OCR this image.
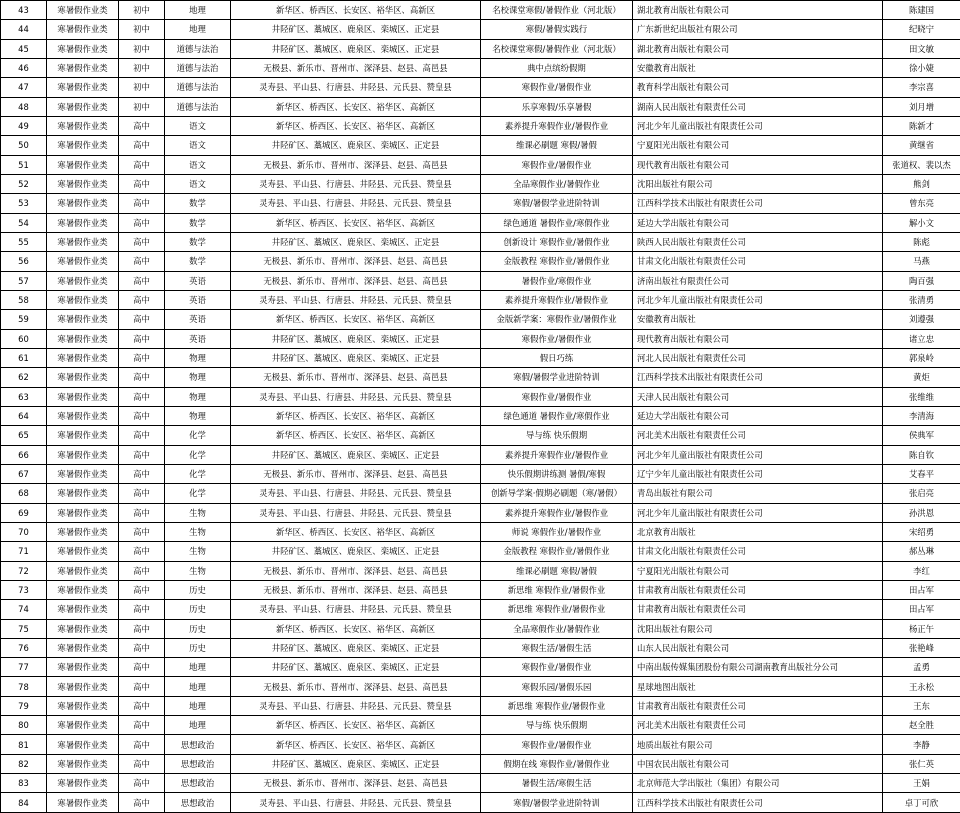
43	寒暑假作业类	初中	地理	新华区、桥西区、长安区、裕华区、高新区	名校课堂寒假/暑假作业（河北版）	湖北教育出版社有限公司	陈建国
44	寒暑假作业类	初中	地理	井陉矿区、藁城区、鹿泉区、栾城区、正定县	寒假/暑假实践行	广东新世纪出版社有限公司	纪晓宁
45	寒暑假作业类	初中	道德与法治	井陉矿区、藁城区、鹿泉区、栾城区、正定县	名校课堂寒假/暑假作业（河北版）	湖北教育出版社有限公司	田文敏
46	寒暑假作业类	初中	道德与法治	无极县、新乐市、晋州市、深泽县、赵县、高邑县	典中点缤纷假期	安徽教育出版社	徐小婕
47	寒暑假作业类	初中	道德与法治	灵寿县、平山县、行唐县、井陉县、元氏县、赞皇县	寒假作业/暑假作业	教育科学出版社有限公司	李宗喜
48	寒暑假作业类	初中	道德与法治	新华区、桥西区、长安区、裕华区、高新区	乐享寒假/乐享暑假	湖南人民出版社有限责任公司	刘月增
49	寒暑假作业类	高中	语文	新华区、桥西区、长安区、裕华区、高新区	素养提升寒假作业/暑假作业	河北少年儿童出版社有限责任公司	陈新才
50	寒暑假作业类	高中	语文	井陉矿区、藁城区、鹿泉区、栾城区、正定县	维课必刷题 寒假/暑假	宁夏阳光出版社有限公司	黄继省
51	寒暑假作业类	高中	语文	无极县、新乐市、晋州市、深泽县、赵县、高邑县	寒假作业/暑假作业	现代教育出版社有限公司	张道权、裴以杰
52	寒暑假作业类	高中	语文	灵寿县、平山县、行唐县、井陉县、元氏县、赞皇县	全品寒假作业/暑假作业	沈阳出版社有限公司	熊剑
53	寒暑假作业类	高中	数学	灵寿县、平山县、行唐县、井陉县、元氏县、赞皇县	寒假/暑假学业进阶特训	江西科学技术出版社有限责任公司	曾东亮
54	寒暑假作业类	高中	数学	新华区、桥西区、长安区、裕华区、高新区	绿色通道 暑假作业/寒假作业	延边大学出版社有限公司	解小文
55	寒暑假作业类	高中	数学	井陉矿区、藁城区、鹿泉区、栾城区、正定县	创新设计 寒假作业/暑假作业	陕西人民出版社有限责任公司	陈彪
56	寒暑假作业类	高中	数学	无极县、新乐市、晋州市、深泽县、赵县、高邑县	金版教程 寒假作业/暑假作业	甘肃文化出版社有限责任公司	马燕
57	寒暑假作业类	高中	英语	无极县、新乐市、晋州市、深泽县、赵县、高邑县	暑假作业/寒假作业	济南出版社有限责任公司	陶百强
58	寒暑假作业类	高中	英语	灵寿县、平山县、行唐县、井陉县、元氏县、赞皇县	素养提升寒假作业/暑假作业	河北少年儿童出版社有限责任公司	张清勇
59	寒暑假作业类	高中	英语	新华区、桥西区、长安区、裕华区、高新区	金版新学案：寒假作业/暑假作业	安徽教育出版社	刘遵强
60	寒暑假作业类	高中	英语	井陉矿区、藁城区、鹿泉区、栾城区、正定县	寒假作业/暑假作业	现代教育出版社有限公司	诸立忠
61	寒暑假作业类	高中	物理	井陉矿区、藁城区、鹿泉区、栾城区、正定县	假日巧练	河北人民出版社有限责任公司	郭泉岭
62	寒暑假作业类	高中	物理	无极县、新乐市、晋州市、深泽县、赵县、高邑县	寒假/暑假学业进阶特训	江西科学技术出版社有限责任公司	黄炬
63	寒暑假作业类	高中	物理	灵寿县、平山县、行唐县、井陉县、元氏县、赞皇县	寒假作业/暑假作业	天津人民出版社有限公司	张维维
64	寒暑假作业类	高中	物理	新华区、桥西区、长安区、裕华区、高新区	绿色通道 暑假作业/寒假作业	延边大学出版社有限公司	李清海
65	寒暑假作业类	高中	化学	新华区、桥西区、长安区、裕华区、高新区	导与练 快乐假期	河北美术出版社有限责任公司	侯典军
66	寒暑假作业类	高中	化学	井陉矿区、藁城区、鹿泉区、栾城区、正定县	素养提升寒假作业/暑假作业	河北少年儿童出版社有限责任公司	陈自钦
67	寒暑假作业类	高中	化学	无极县、新乐市、晋州市、深泽县、赵县、高邑县	快乐假期讲练测 暑假/寒假	辽宁少年儿童出版社有限责任公司	艾春平
68	寒暑假作业类	高中	化学	灵寿县、平山县、行唐县、井陉县、元氏县、赞皇县	创新导学案·假期必刷题（寒/暑假）	青岛出版社有限公司	张启亮
69	寒暑假作业类	高中	生物	灵寿县、平山县、行唐县、井陉县、元氏县、赞皇县	素养提升寒假作业/暑假作业	河北少年儿童出版社有限责任公司	孙洪恩
70	寒暑假作业类	高中	生物	新华区、桥西区、长安区、裕华区、高新区	师说 寒假作业/暑假作业	北京教育出版社	宋绍勇
71	寒暑假作业类	高中	生物	井陉矿区、藁城区、鹿泉区、栾城区、正定县	金版教程 寒假作业/暑假作业	甘肃文化出版社有限责任公司	郝丛琳
72	寒暑假作业类	高中	生物	无极县、新乐市、晋州市、深泽县、赵县、高邑县	维课必刷题 寒假/暑假	宁夏阳光出版社有限公司	李红
73	寒暑假作业类	高中	历史	无极县、新乐市、晋州市、深泽县、赵县、高邑县	新思维 寒假作业/暑假作业	甘肃教育出版社有限责任公司	田占军
74	寒暑假作业类	高中	历史	灵寿县、平山县、行唐县、井陉县、元氏县、赞皇县	新思维 寒假作业/暑假作业	甘肃教育出版社有限责任公司	田占军
75	寒暑假作业类	高中	历史	新华区、桥西区、长安区、裕华区、高新区	全品寒假作业/暑假作业	沈阳出版社有限公司	杨正午
76	寒暑假作业类	高中	历史	井陉矿区、藁城区、鹿泉区、栾城区、正定县	寒假生活/暑假生活	山东人民出版社有限公司	张艳峰
77	寒暑假作业类	高中	地理	井陉矿区、藁城区、鹿泉区、栾城区、正定县	寒假作业/暑假作业	中南出版传媒集团股份有限公司湖南教育出版社分公司	孟勇
78	寒暑假作业类	高中	地理	无极县、新乐市、晋州市、深泽县、赵县、高邑县	寒假乐园/暑假乐园	星球地图出版社	王永松
79	寒暑假作业类	高中	地理	灵寿县、平山县、行唐县、井陉县、元氏县、赞皇县	新思维 寒假作业/暑假作业	甘肃教育出版社有限责任公司	王东
80	寒暑假作业类	高中	地理	新华区、桥西区、长安区、裕华区、高新区	导与练 快乐假期	河北美术出版社有限责任公司	赵全胜
81	寒暑假作业类	高中	思想政治	新华区、桥西区、长安区、裕华区、高新区	寒假作业/暑假作业	地质出版社有限公司	李静
82	寒暑假作业类	高中	思想政治	井陉矿区、藁城区、鹿泉区、栾城区、正定县	假期在线 寒假作业/暑假作业	中国农民出版社有限公司	张仁英
83	寒暑假作业类	高中	思想政治	无极县、新乐市、晋州市、深泽县、赵县、高邑县	暑假生活/寒假生活	北京师范大学出版社（集团）有限公司	王娟
84	寒暑假作业类	高中	思想政治	灵寿县、平山县、行唐县、井陉县、元氏县、赞皇县	寒假/暑假学业进阶特训	江西科学技术出版社有限责任公司	卓丁可欣
